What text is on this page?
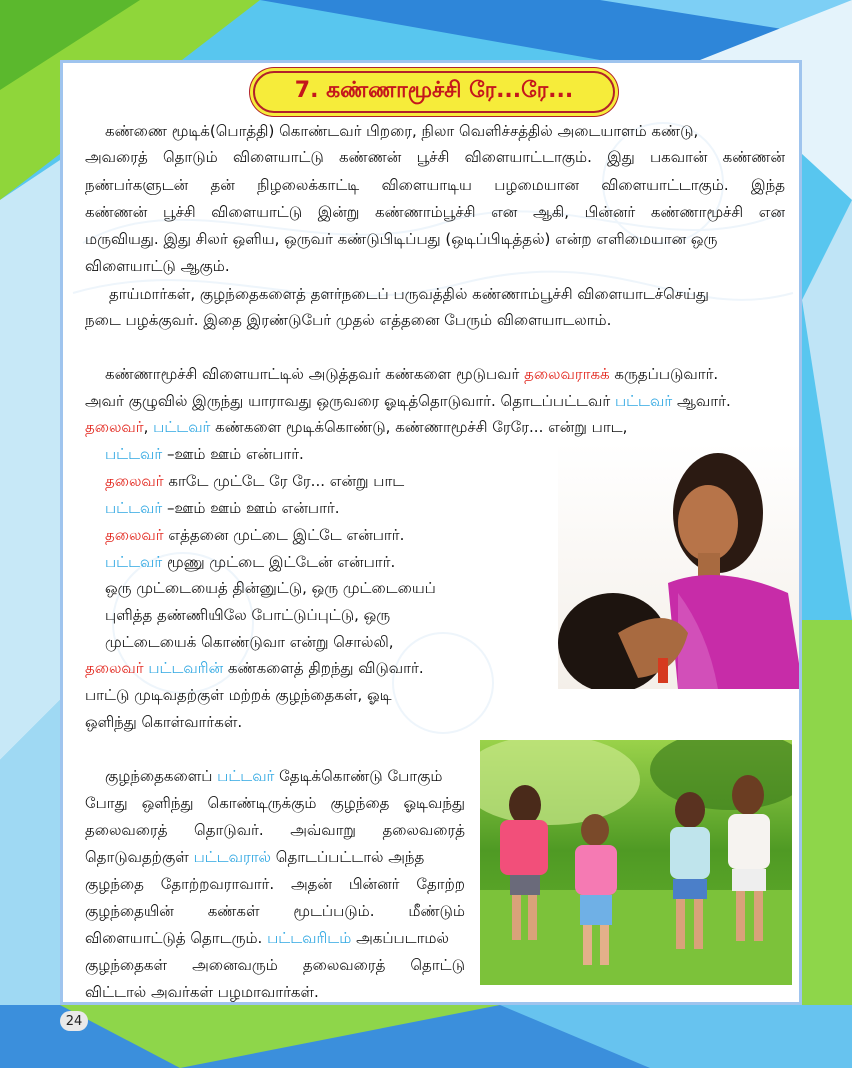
7. கண்ணாமூச்சி ரே...ரே...
கண்ணை மூடிக்(பொத்தி) கொண்டவர் பிறரை, நிலா வெளிச்சத்தில் அடையாளம் கண்டு,
அவரைத் தொடும் விளையாட்டு கண்ணன் பூச்சி விளையாட்டாகும். இது பகவான் கண்ணன்
நண்பர்களுடன் தன் நிழலைக்காட்டி விளையாடிய பழமையான விளையாட்டாகும். இந்த
கண்ணன் பூச்சி விளையாட்டு இன்று கண்ணாம்பூச்சி என ஆகி, பின்னர் கண்ணாமூச்சி என
மருவியது. இது சிலர் ஒளிய, ஒருவர் கண்டுபிடிப்பது (ஒடிப்பிடித்தல்) என்ற எளிமையான ஒரு
விளையாட்டு ஆகும்.
தாய்மார்கள், குழந்தைகளைத் தளர்நடைப் பருவத்தில் கண்ணாம்பூச்சி விளையாடச்செய்து
நடை பழக்குவர். இதை இரண்டுபேர் முதல் எத்தனை பேரும் விளையாடலாம்.
கண்ணாமூச்சி விளையாட்டில் அடுத்தவர் கண்களை மூடுபவர் தலைவராகக் கருதப்படுவார்.
அவர் குழுவில் இருந்து யாராவது ஒருவரை ஓடித்தொடுவார். தொடப்பட்டவர் பட்டவர் ஆவார்.
தலைவர், பட்டவர் கண்களை மூடிக்கொண்டு, கண்ணாமூச்சி ரேரே... என்று பாட,
பட்டவர் –ஊம் ஊம் என்பார்.
தலைவர் காடே முட்டே ரே ரே... என்று பாட
பட்டவர் –ஊம் ஊம் ஊம் என்பார்.
தலைவர் எத்தனை முட்டை இட்டே என்பார்.
பட்டவர் மூணு முட்டை இட்டேன் என்பார்.
ஒரு முட்டையைத் தின்னுட்டு, ஒரு முட்டையைப்
புளித்த தண்ணியிலே போட்டுப்புட்டு, ஒரு
முட்டையைக் கொண்டுவா என்று சொல்லி,
தலைவர் பட்டவரின் கண்களைத் திறந்து விடுவார்.
பாட்டு முடிவதற்குள் மற்றக் குழந்தைகள், ஓடி
ஒளிந்து கொள்வார்கள்.
குழந்தைகளைப் பட்டவர் தேடிக்கொண்டு போகும்
போது ஒளிந்து கொண்டிருக்கும் குழந்தை ஓடிவந்து
தலைவரைத் தொடுவர். அவ்வாறு தலைவரைத்
தொடுவதற்குள் பட்டவரால் தொடப்பட்டால் அந்த
குழந்தை தோற்றவராவார். அதன் பின்னர் தோற்ற
குழந்தையின் கண்கள் மூடப்படும். மீண்டும்
விளையாட்டுத் தொடரும். பட்டவரிடம் அகப்படாமல்
குழந்தைகள் அனைவரும் தலைவரைத் தொட்டு
விட்டால் அவர்கள் பழமாவார்கள்.
24
